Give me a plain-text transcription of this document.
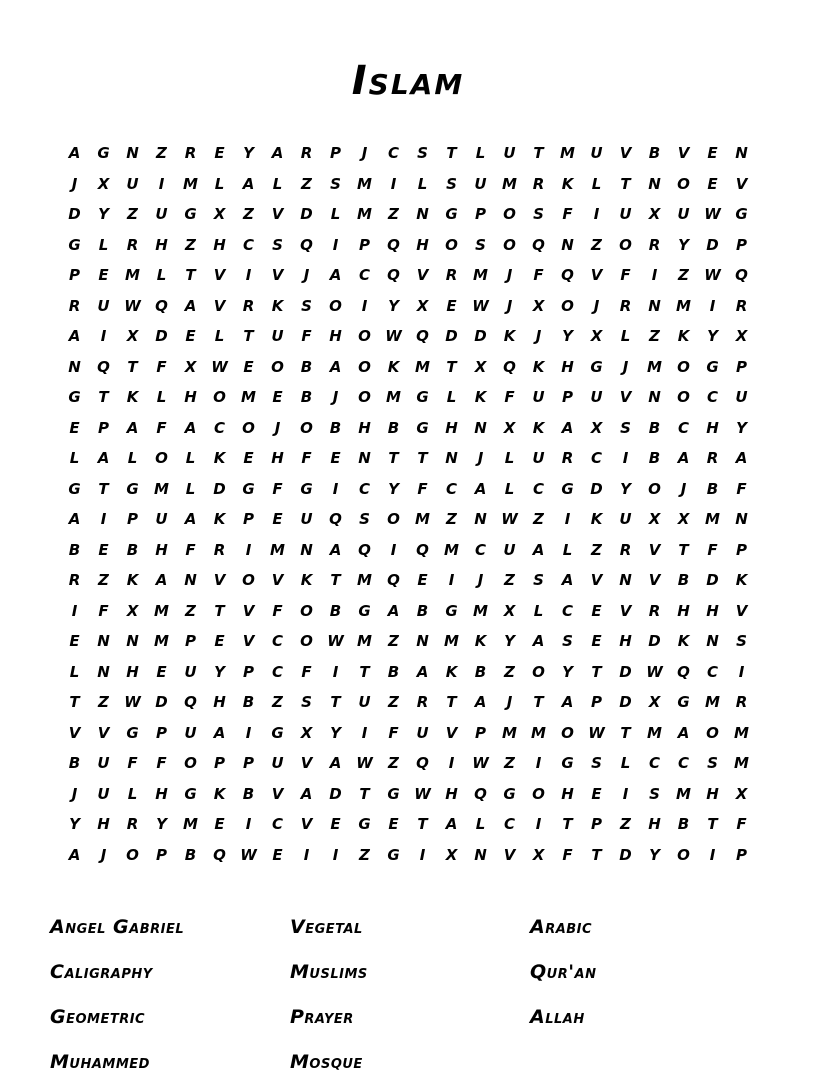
Islam
A	G	N	Z	R	E	Y	A	R	P	J	C	S	T	L	U	T	M	U	V	B	V	E	N
J	X	U	I	M	L	A	L	Z	S	M	I	L	S	U	M	R	K	L	T	N	O	E	V
D	Y	Z	U	G	X	Z	V	D	L	M	Z	N	G	P	O	S	F	I	U	X	U W G
G	L	R	H	Z	H	C	S	Q	I	P	Q	H	O	S	O	Q	N	Z	O	R	Y	D	P
P	E	M	L	T	V	I	V	J	A	C	Q	V	R	M	J	F	Q	V	F	I	Z	W Q
R	U W Q	A	V	R	K	S	O	I	Y	X	E	W	J	X	O	J	R	N	M	I	R
A	I	X	D	E	L	T	U	F	H	O W Q	D	D	K	J	Y	X	L	Z	K	Y	X
N	Q	T	F	X W	E	O	B	A	O	K	M	T	X	Q	K	H	G	J	M	O	G	P
G	T	K	L	H	O	M	E	B	J	O	M	G	L	K	F	U	P	U	V	N	O	C	U
E	P	A	F	A	C	O	J	O	B	H	B	G	H	N	X	K	A	X	S	B	C	H	Y
L	A	L	O	L	K	E	H	F	E	N	T	T	N	J	L	U	R	C	I	B	A	R	A
G	T	G	M	L	D	G	F	G	I	C	Y	F	C	A	L	C	G	D	Y	O	J	B	F
A	I	P	U	A	K	P	E	U	Q	S	O	M	Z	N W	Z	I	K	U	X	X	M	N
B	E	B	H	F	R	I	M	N	A	Q	I	Q	M	C	U	A	L	Z	R	V	T	F	P
R	Z	K	A	N	V	O	V	K	T	M	Q	E	I	J	Z	S	A	V	N	V	B	D	K
I	F	X	M	Z	T	V	F	O	B	G	A	B	G	M	X	L	C	E	V	R	H	H	V
E	N	N	M	P	E	V	C	O W M	Z	N	M	K	Y	A	S	E	H	D	K	N	S
L	N	H	E	U	Y	P	C	F	I	T	B	A	K	B	Z	O	Y	T	D W Q	C	I
T	Z	W D	Q	H	B	Z	S	T	U	Z	R	T	A	J	T	A	P	D	X	G	M	R
V	V	G	P	U	A	I	G	X	Y	I	F	U	V	P	M M	O W	T	M	A	O	M
B	U	F	F	O	P	P	U	V	A W	Z	Q	I	W	Z	I	G	S	L	C	C	S	M
J	U	L	H	G	K	B	V	A	D	T	G W H	Q	G	O	H	E	I	S	M	H	X
Y	H	R	Y	M	E	I	C	V	E	G	E	T	A	L	C	I	T	P	Z	H	B	T	F
A	J	O	P	B	Q W	E	I	I	Z	G	I	X	N	V	X	F	T	D	Y	O	I	P
Angel Gabriel	Vegetal	Arabic
Caligraphy	Muslims	Qur'an
Geometric	Prayer	Allah
Muhammed	Mosque
